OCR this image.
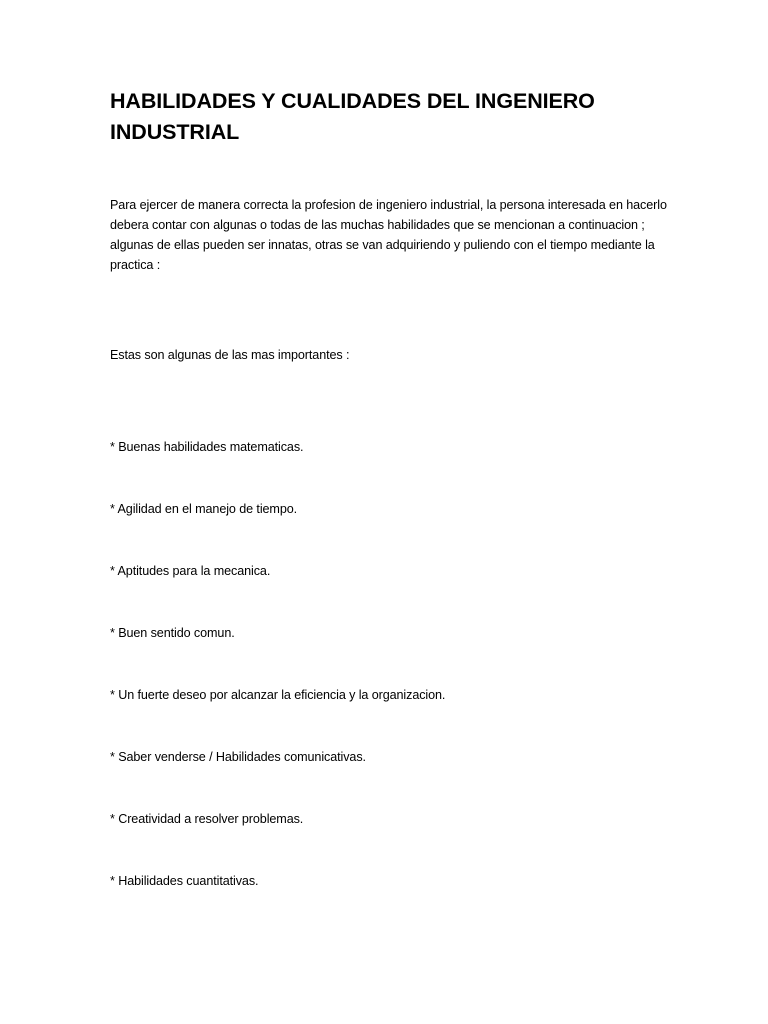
HABILIDADES Y CUALIDADES DEL INGENIERO INDUSTRIAL

Para ejercer de manera correcta la profesion de ingeniero industrial, la persona interesada en hacerlo debera contar con algunas o todas de las muchas habilidades que se mencionan a continuacion ; algunas de ellas pueden ser innatas, otras se van adquiriendo y puliendo con el tiempo mediante la practica :

Estas son algunas de las mas importantes :

* Buenas habilidades matematicas.

* Agilidad en el manejo de tiempo.

* Aptitudes para la mecanica.

* Buen sentido comun.

* Un fuerte deseo por alcanzar la eficiencia y la organizacion.

* Saber venderse / Habilidades comunicativas.

* Creatividad a resolver problemas.

* Habilidades cuantitativas.
